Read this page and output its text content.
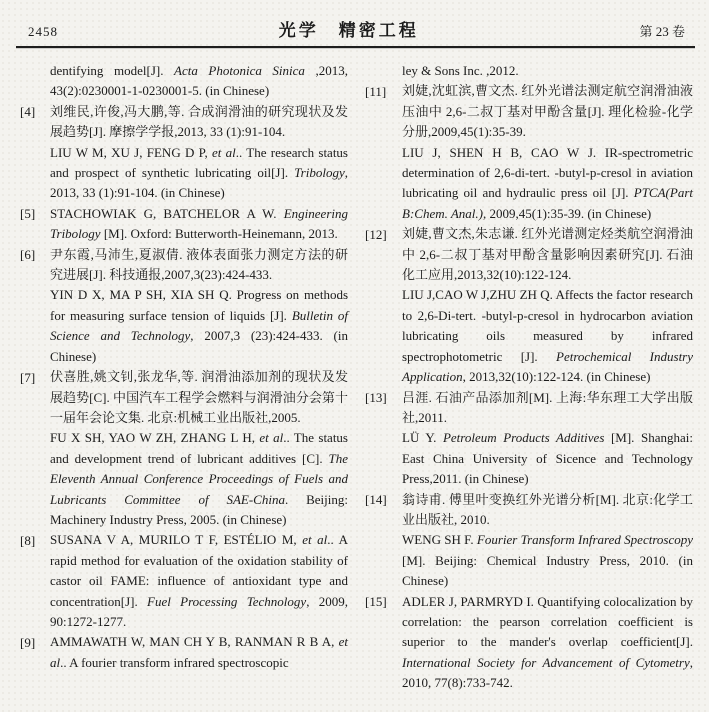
2458	光学　精密工程	第 23 卷
dentifying model[J]. Acta Photonica Sinica ,2013, 43(2):0230001-1-0230001-5. (in Chinese)
[4]	刘维民,许俊,冯大鹏,等. 合成润滑油的研究现状及发展趋势[J]. 摩擦学学报,2013, 33 (1):91-104.
LIU W M, XU J, FENG D P, et al.. The research status and prospect of synthetic lubricating oil[J]. Tribology, 2013, 33 (1):91-104. (in Chinese)
[5]	STACHOWIAK G, BATCHELOR A W. Engineering Tribology [M]. Oxford: Butterworth-Heinemann, 2013.
[6]	尹东霞,马沛生,夏淑倩. 液体表面张力测定方法的研究进展[J]. 科技通报,2007,3(23):424-433.
YIN D X, MA P SH, XIA SH Q. Progress on methods for measuring surface tension of liquids [J]. Bulletin of Science and Technology, 2007,3 (23):424-433. (in Chinese)
[7]	伏喜胜,姚文钊,张龙华,等. 润滑油添加剂的现状及发展趋势[C]. 中国汽车工程学会燃料与润滑油分会第十一届年会论文集. 北京:机械工业出版社,2005.
FU X SH, YAO W ZH, ZHANG L H, et al.. The status and development trend of lubricant additives [C]. The Eleventh Annual Conference Proceedings of Fuels and Lubricants Committee of SAE-China. Beijing: Machinery Industry Press, 2005. (in Chinese)
[8]	SUSANA V A, MURILO T F, ESTÉLIO M, et al.. A rapid method for evaluation of the oxidation stability of castor oil FAME: influence of antioxidant type and concentration[J]. Fuel Processing Technology, 2009, 90:1272-1277.
[9]	AMMAWATH W, MAN CH Y B, RANMAN R B A, et al.. A fourier transform infrared spectroscopic
ley & Sons Inc. ,2012.
[11]	刘婕,沈虹滨,曹文杰. 红外光谱法测定航空润滑油液压油中 2,6-二叔丁基对甲酚含量[J]. 理化检验-化学分册,2009,45(1):35-39.
LIU J, SHEN H B, CAO W J. IR-spectrometric determination of 2,6-di-tert. -butyl-p-cresol in aviation lubricating oil and hydraulic press oil [J]. PTCA(Part B:Chem. Anal.), 2009,45(1):35-39. (in Chinese)
[12]	刘婕,曹文杰,朱志谦. 红外光谱测定烃类航空润滑油中 2,6-二叔丁基对甲酚含量影响因素研究[J]. 石油化工应用,2013,32(10):122-124.
LIU J,CAO W J,ZHU ZH Q. Affects the factor research to 2,6-Di-tert. -butyl-p-cresol in hydrocarbon aviation lubricating oils measured by infrared spectrophotometric [J]. Petrochemical Industry Application, 2013,32(10):122-124. (in Chinese)
[13]	吕涯. 石油产品添加剂[M]. 上海:华东理工大学出版社,2011.
LÜ Y. Petroleum Products Additives [M]. Shanghai: East China University of Sicence and Technology Press,2011. (in Chinese)
[14]	翁诗甫. 傅里叶变换红外光谱分析[M]. 北京:化学工业出版社, 2010.
WENG SH F. Fourier Transform Infrared Spectroscopy [M]. Beijing: Chemical Industry Press, 2010. (in Chinese)
[15]	ADLER J, PARMRYD I. Quantifying colocalization by correlation: the pearson correlation coefficient is superior to the mander's overlap coefficient[J]. International Society for Advancement of Cytometry, 2010, 77(8):733-742.
